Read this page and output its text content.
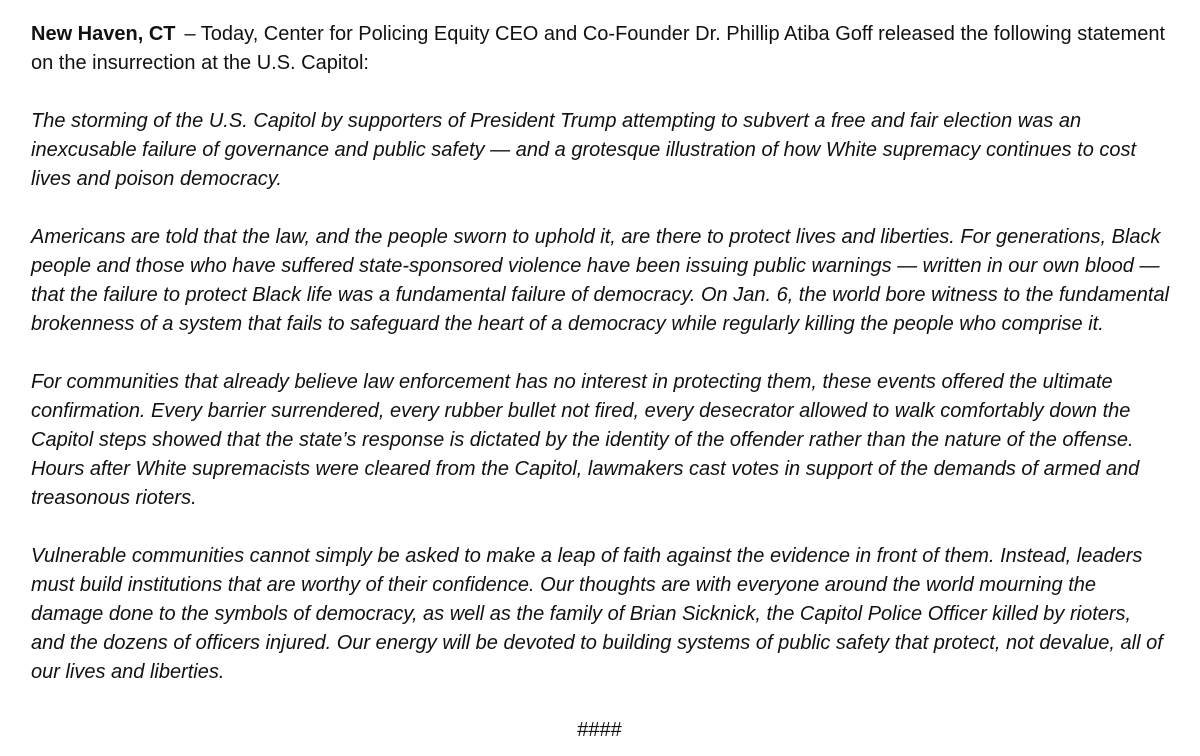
New Haven, CT – Today, Center for Policing Equity CEO and Co-Founder Dr. Phillip Atiba Goff released the following statement on the insurrection at the U.S. Capitol:

The storming of the U.S. Capitol by supporters of President Trump attempting to subvert a free and fair election was an inexcusable failure of governance and public safety — and a grotesque illustration of how White supremacy continues to cost lives and poison democracy.

Americans are told that the law, and the people sworn to uphold it, are there to protect lives and liberties. For generations, Black people and those who have suffered state-sponsored violence have been issuing public warnings — written in our own blood — that the failure to protect Black life was a fundamental failure of democracy. On Jan. 6, the world bore witness to the fundamental brokenness of a system that fails to safeguard the heart of a democracy while regularly killing the people who comprise it.

For communities that already believe law enforcement has no interest in protecting them, these events offered the ultimate confirmation. Every barrier surrendered, every rubber bullet not fired, every desecrator allowed to walk comfortably down the Capitol steps showed that the state’s response is dictated by the identity of the offender rather than the nature of the offense. Hours after White supremacists were cleared from the Capitol, lawmakers cast votes in support of the demands of armed and treasonous rioters.

Vulnerable communities cannot simply be asked to make a leap of faith against the evidence in front of them. Instead, leaders must build institutions that are worthy of their confidence. Our thoughts are with everyone around the world mourning the damage done to the symbols of democracy, as well as the family of Brian Sicknick, the Capitol Police Officer killed by rioters, and the dozens of officers injured. Our energy will be devoted to building systems of public safety that protect, not devalue, all of our lives and liberties.

####
